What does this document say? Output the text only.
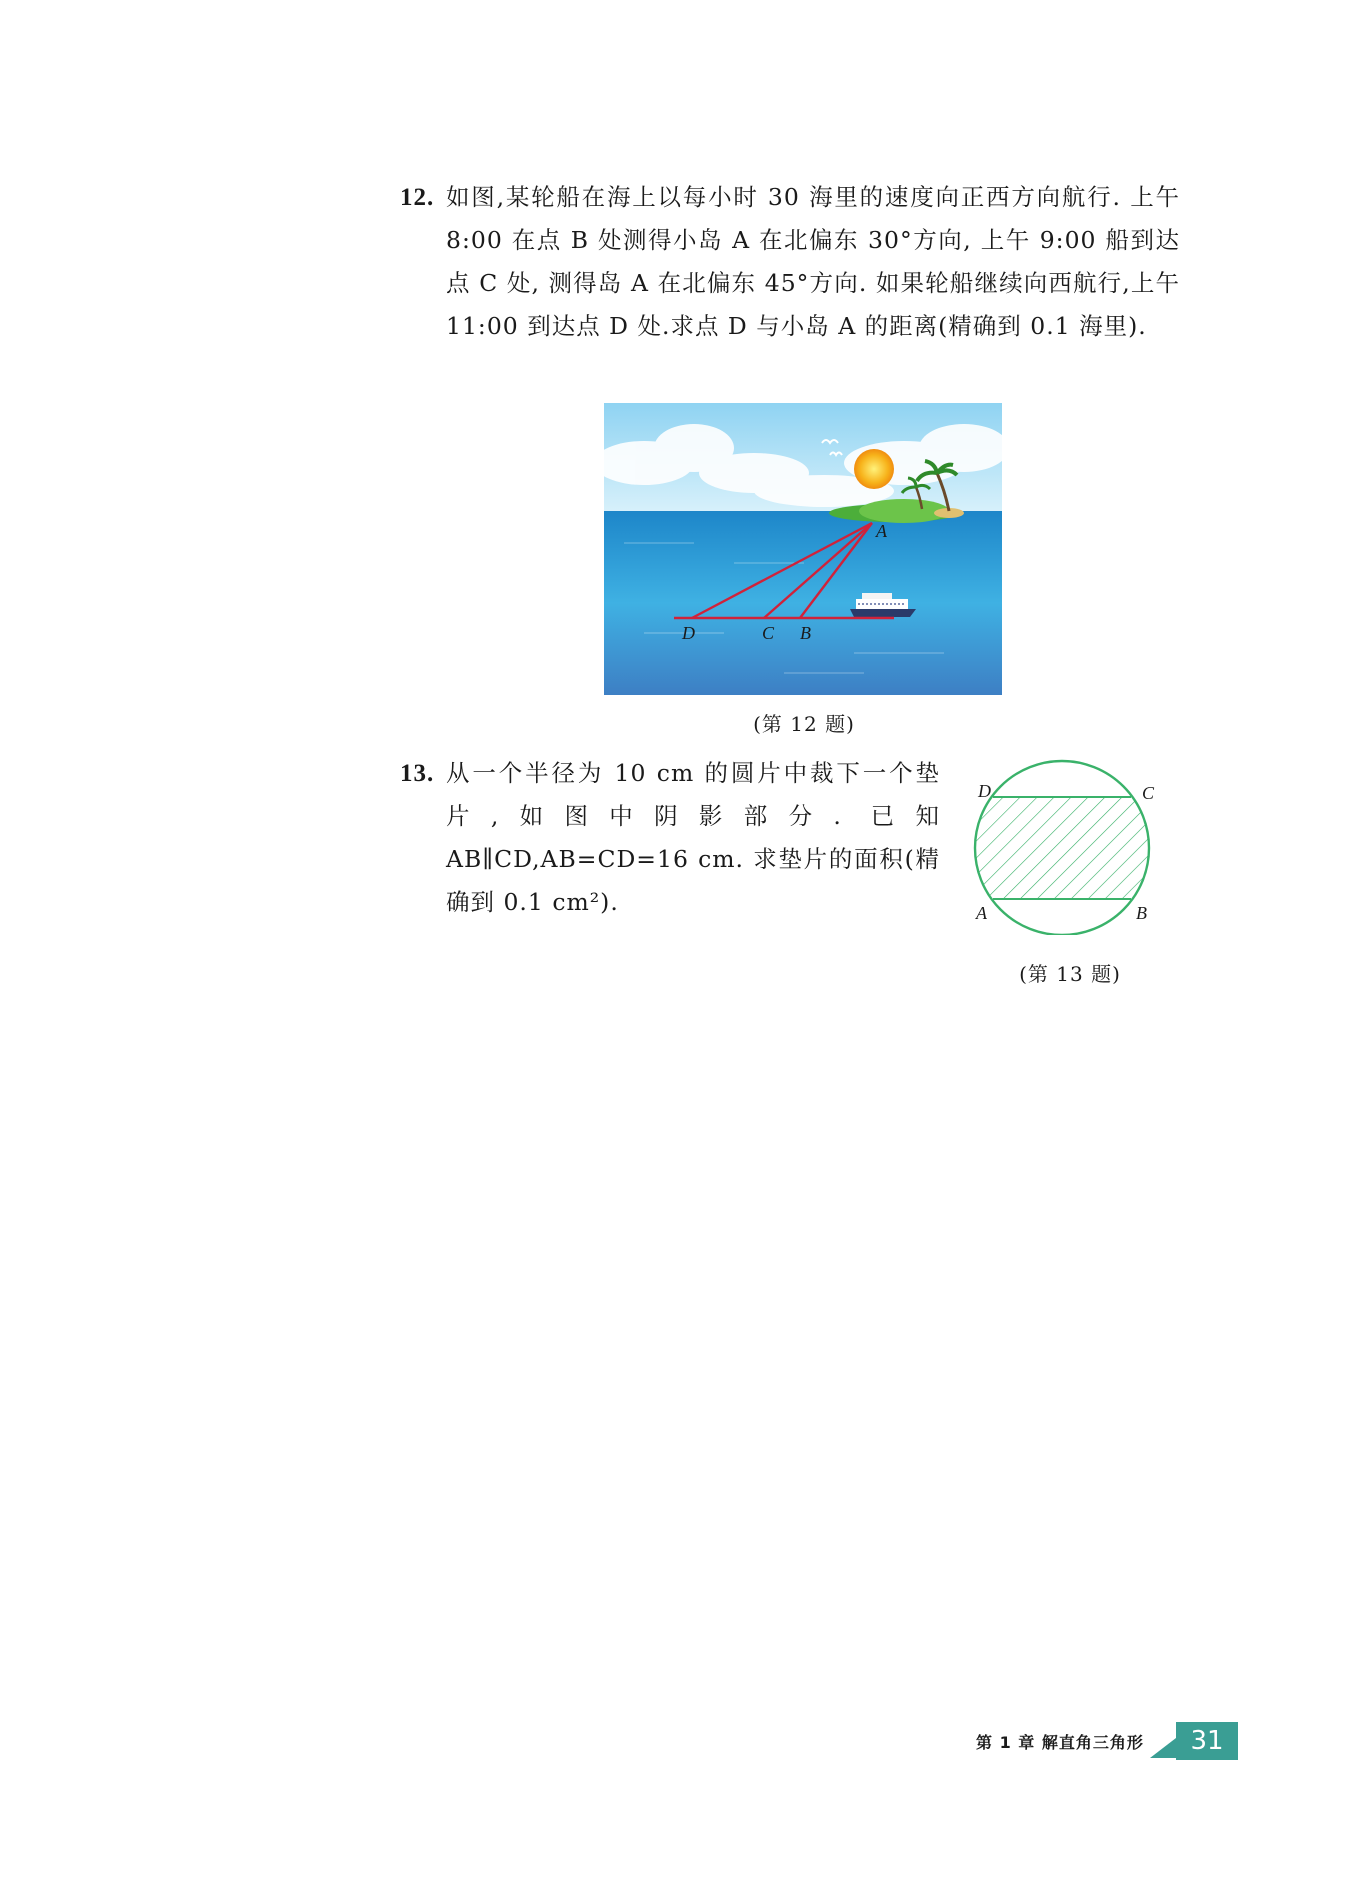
12. 如图,某轮船在海上以每小时 30 海里的速度向正西方向航行. 上午 8:00 在点 B 处测得小岛 A 在北偏东 30°方向, 上午 9:00 船到达点 C 处, 测得岛 A 在北偏东 45°方向. 如果轮船继续向西航行,上午 11:00 到达点 D 处.求点 D 与小岛 A 的距离(精确到 0.1 海里).
A
D	C B
(第 12 题)
13. 从一个半径为 10 cm 的圆片中裁下一个垫片,如图中阴影部分. 已知 AB∥CD,AB=CD=16 cm. 求垫片的面积(精确到 0.1 cm²).
D	C
A	B
(第 13 题)
第 1 章 解直角三角形	31
